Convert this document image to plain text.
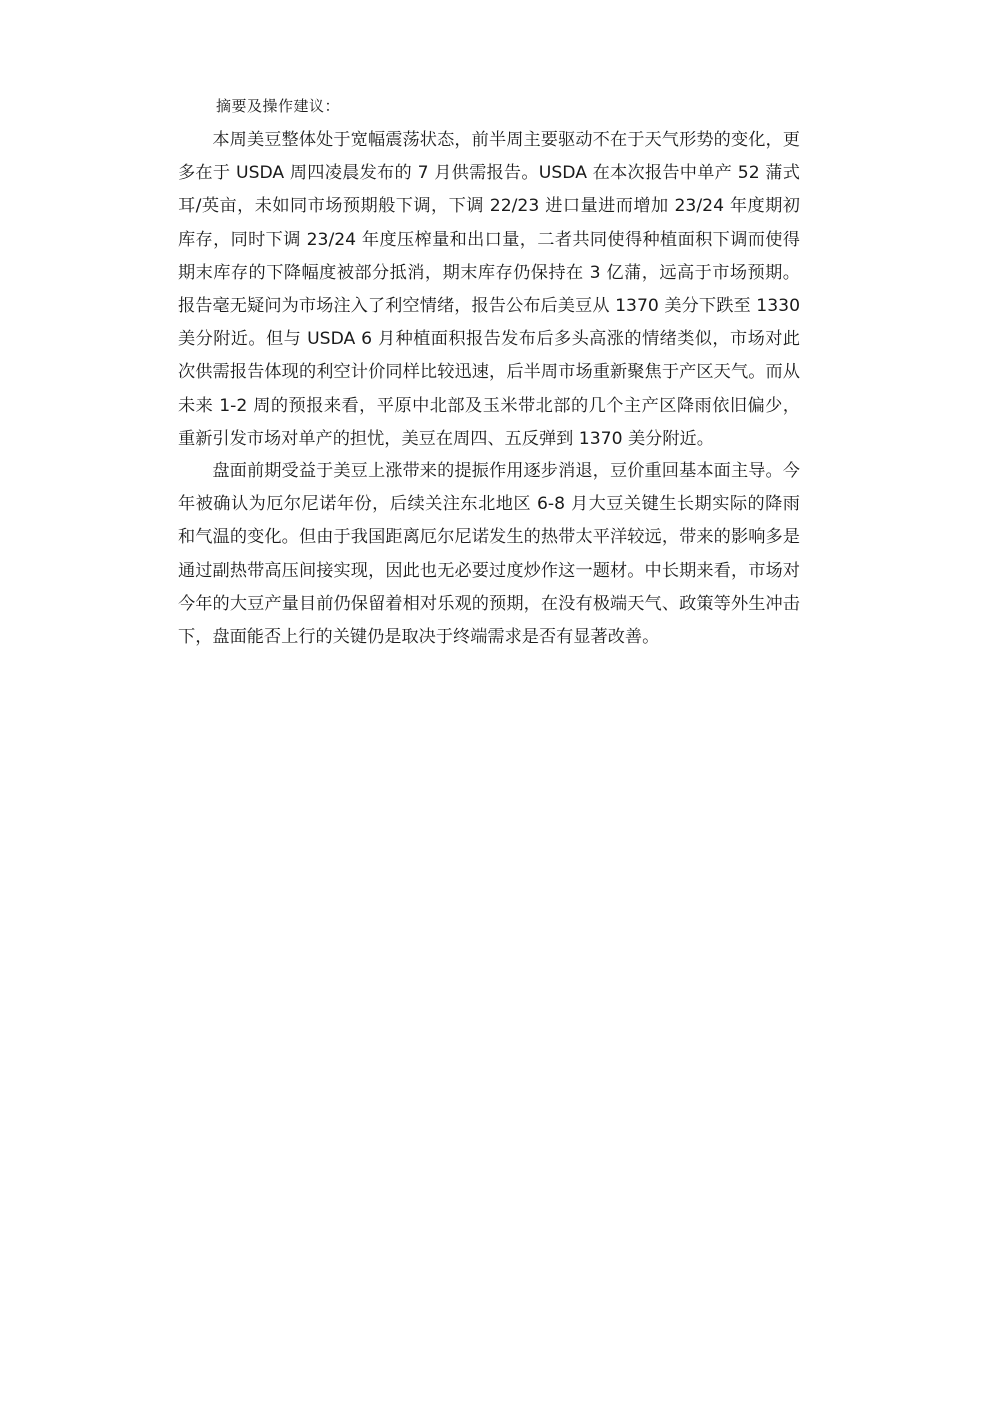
摘要及操作建议：

本周美豆整体处于宽幅震荡状态，前半周主要驱动不在于天气形势的变化，更多在于 USDA 周四凌晨发布的 7 月供需报告。USDA 在本次报告中单产 52 蒲式耳/英亩，未如同市场预期般下调，下调 22/23 进口量进而增加 23/24 年度期初库存，同时下调 23/24 年度压榨量和出口量，二者共同使得种植面积下调而使得期末库存的下降幅度被部分抵消，期末库存仍保持在 3 亿蒲，远高于市场预期。报告毫无疑问为市场注入了利空情绪，报告公布后美豆从 1370 美分下跌至 1330 美分附近。但与 USDA 6 月种植面积报告发布后多头高涨的情绪类似，市场对此次供需报告体现的利空计价同样比较迅速，后半周市场重新聚焦于产区天气。而从未来 1-2 周的预报来看，平原中北部及玉米带北部的几个主产区降雨依旧偏少，重新引发市场对单产的担忧，美豆在周四、五反弹到 1370 美分附近。

盘面前期受益于美豆上涨带来的提振作用逐步消退，豆价重回基本面主导。今年被确认为厄尔尼诺年份，后续关注东北地区 6-8 月大豆关键生长期实际的降雨和气温的变化。但由于我国距离厄尔尼诺发生的热带太平洋较远，带来的影响多是通过副热带高压间接实现，因此也无必要过度炒作这一题材。中长期来看，市场对今年的大豆产量目前仍保留着相对乐观的预期，在没有极端天气、政策等外生冲击下，盘面能否上行的关键仍是取决于终端需求是否有显著改善。
